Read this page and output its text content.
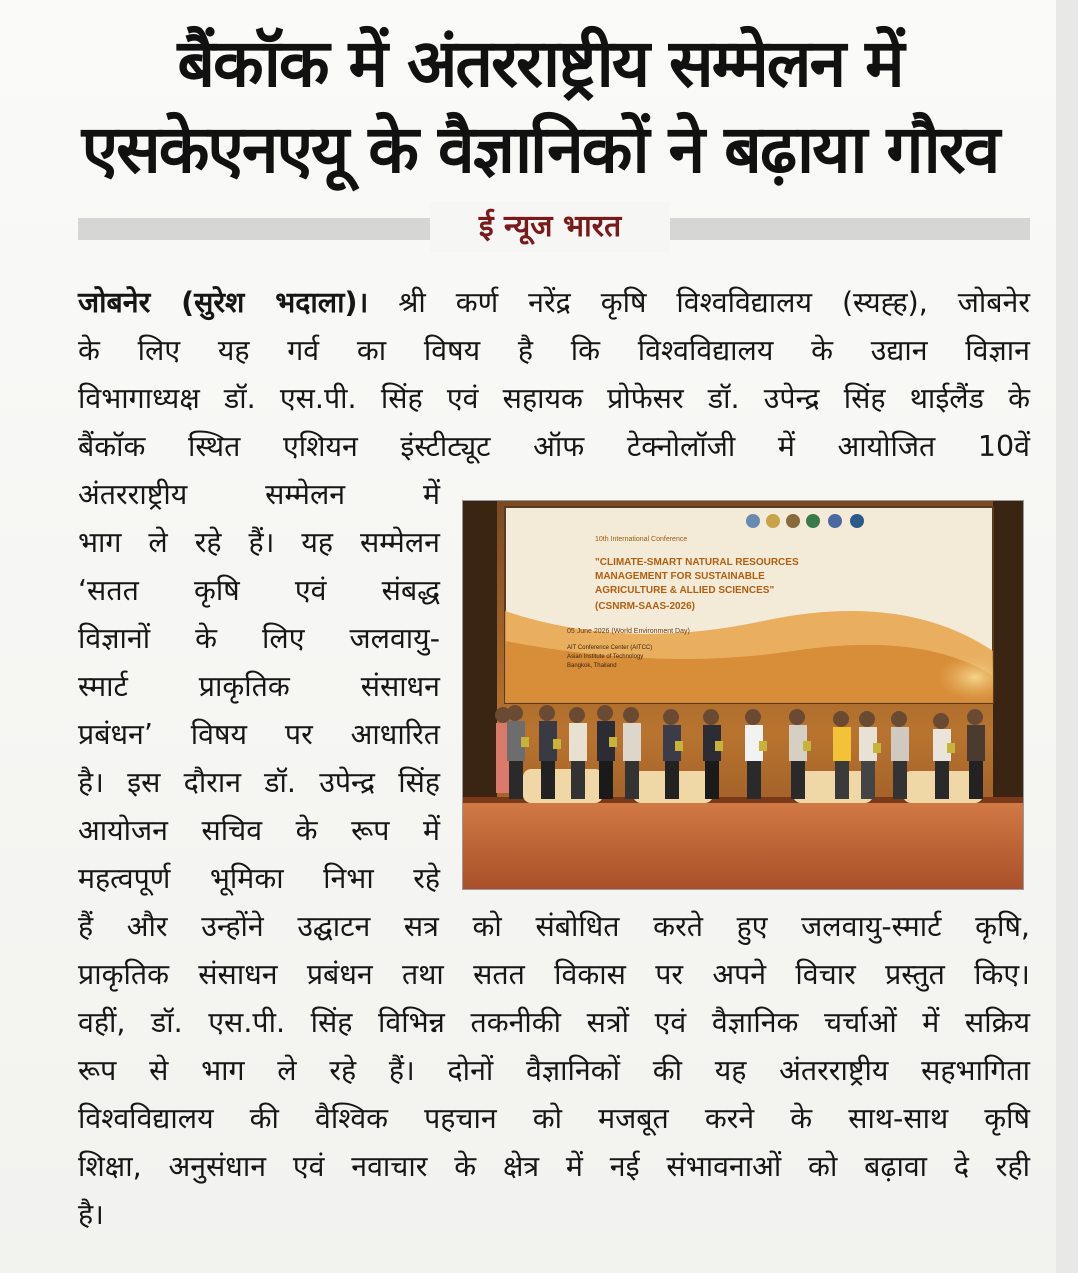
बैंकॉक में अंतरराष्ट्रीय सम्मेलन में
एसकेएनएयू के वैज्ञानिकों ने बढ़ाया गौरव
ई न्यूज भारत
जोबनेर (सुरेश भदाला)। श्री कर्ण नरेंद्र कृषि विश्वविद्यालय (स्यह्ह), जोबनेर
के लिए यह गर्व का विषय है कि विश्वविद्यालय के उद्यान विज्ञान
विभागाध्यक्ष डॉ. एस.पी. सिंह एवं सहायक प्रोफेसर डॉ. उपेन्द्र सिंह थाईलैंड के
बैंकॉक स्थित एशियन इंस्टीट्यूट ऑफ टेक्नोलॉजी में आयोजित 10वें
अंतरराष्ट्रीय सम्मेलन में
भाग ले रहे हैं। यह सम्मेलन
‘सतत कृषि एवं संबद्ध
विज्ञानों के लिए जलवायु-
स्मार्ट प्राकृतिक संसाधन
प्रबंधन’ विषय पर आधारित
है। इस दौरान डॉ. उपेन्द्र सिंह
आयोजन सचिव के रूप में
महत्वपूर्ण भूमिका निभा रहे
हैं और उन्होंने उद्घाटन सत्र को संबोधित करते हुए जलवायु-स्मार्ट कृषि,
प्राकृतिक संसाधन प्रबंधन तथा सतत विकास पर अपने विचार प्रस्तुत किए।
वहीं, डॉ. एस.पी. सिंह विभिन्न तकनीकी सत्रों एवं वैज्ञानिक चर्चाओं में सक्रिय
रूप से भाग ले रहे हैं। दोनों वैज्ञानिकों की यह अंतरराष्ट्रीय सहभागिता
विश्वविद्यालय की वैश्विक पहचान को मजबूत करने के साथ-साथ कृषि
शिक्षा, अनुसंधान एवं नवाचार के क्षेत्र में नई संभावनाओं को बढ़ावा दे रही
है।
10th International Conference
"CLIMATE-SMART NATURAL RESOURCES
MANAGEMENT FOR SUSTAINABLE
AGRICULTURE & ALLIED SCIENCES"
(CSNRM-SAAS-2026)
05 June 2026 (World Environment Day)
AIT Conference Center (AITCC)
Asian Institute of Technology
Bangkok, Thailand
